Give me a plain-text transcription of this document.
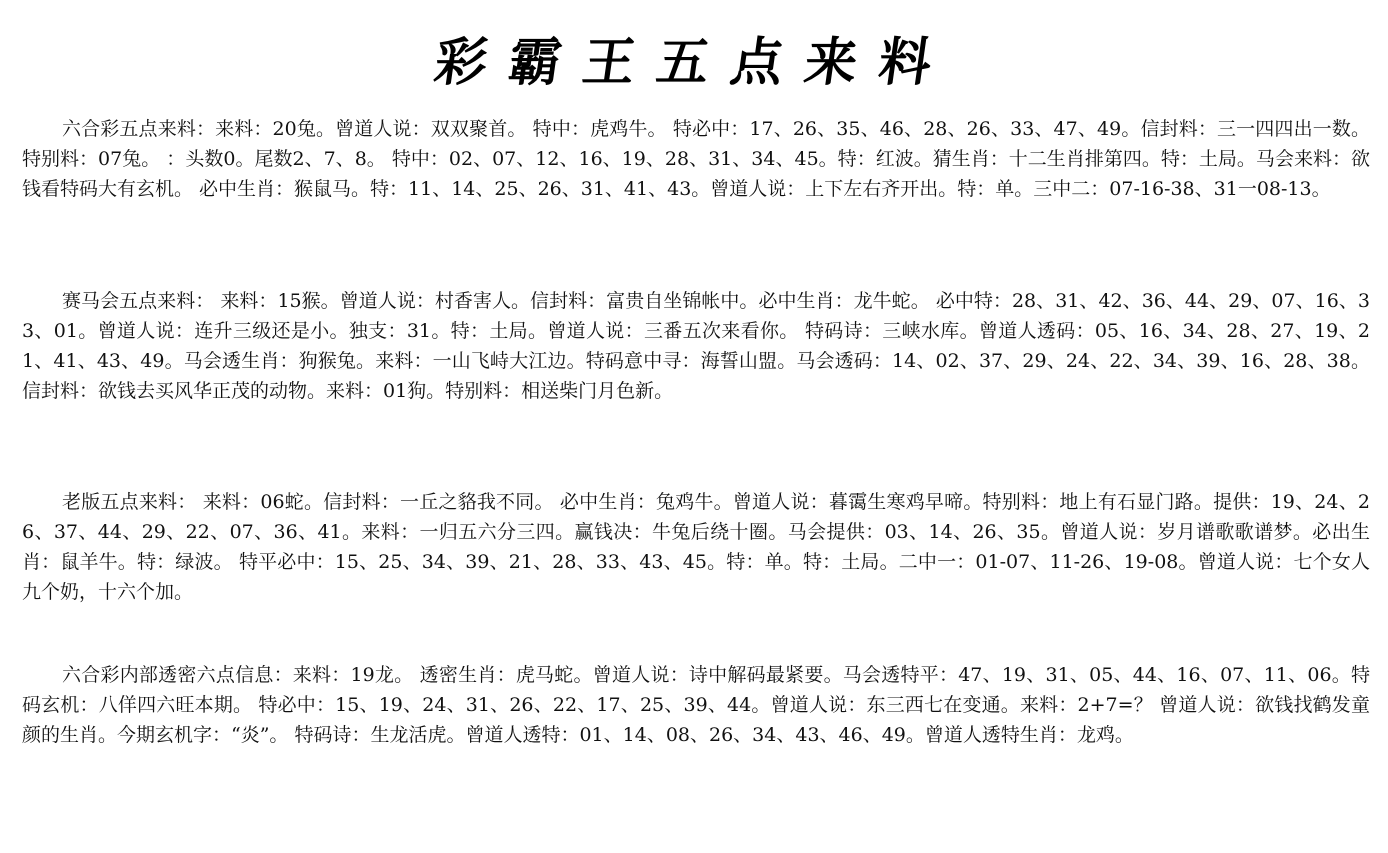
彩霸王五点来料
六合彩五点来料：来料：20兔。曾道人说：双双聚首。 特中：虎鸡牛。 特必中：17、26、35、46、28、26、33、47、49。信封料：三一四四出一数。特别料：07兔。 ：头数0。尾数2、7、8。 特中：02、07、12、16、19、28、31、34、45。特：红波。猜生肖：十二生肖排第四。特：土局。马会来料：欲钱看特码大有玄机。 必中生肖：猴鼠马。特：11、14、25、26、31、41、43。曾道人说：上下左右齐开出。特：单。三中二：07-16-38、31一08-13。
赛马会五点来料： 来料：15猴。曾道人说：村香害人。信封料：富贵自坐锦帐中。必中生肖：龙牛蛇。 必中特：28、31、42、36、44、29、07、16、33、01。曾道人说：连升三级还是小。独支：31。特：土局。曾道人说：三番五次来看你。 特码诗：三峡水库。曾道人透码：05、16、34、28、27、19、21、41、43、49。马会透生肖：狗猴兔。来料：一山飞峙大江边。特码意中寻：海誓山盟。马会透码：14、02、37、29、24、22、34、39、16、28、38。信封料：欲钱去买风华正茂的动物。来料：01狗。特别料：相送柴门月色新。
老版五点来料： 来料：06蛇。信封料：一丘之貉我不同。 必中生肖：兔鸡牛。曾道人说：暮霭生寒鸡早啼。特别料：地上有石显门路。提供：19、24、26、37、44、29、22、07、36、41。来料：一归五六分三四。赢钱决：牛兔后绕十圈。马会提供：03、14、26、35。曾道人说：岁月谱歌歌谱梦。必出生肖：鼠羊牛。特：绿波。 特平必中：15、25、34、39、21、28、33、43、45。特：单。特：土局。二中一：01-07、11-26、19-08。曾道人说：七个女人九个奶，十六个加。
六合彩内部透密六点信息：来料：19龙。 透密生肖：虎马蛇。曾道人说：诗中解码最紧要。马会透特平：47、19、31、05、44、16、07、11、06。特码玄机：八佯四六旺本期。 特必中：15、19、24、31、26、22、17、25、39、44。曾道人说：东三西七在变通。来料：2+7=？ 曾道人说：欲钱找鹤发童颜的生肖。今期玄机字：“炎”。 特码诗：生龙活虎。曾道人透特：01、14、08、26、34、43、46、49。曾道人透特生肖：龙鸡。
